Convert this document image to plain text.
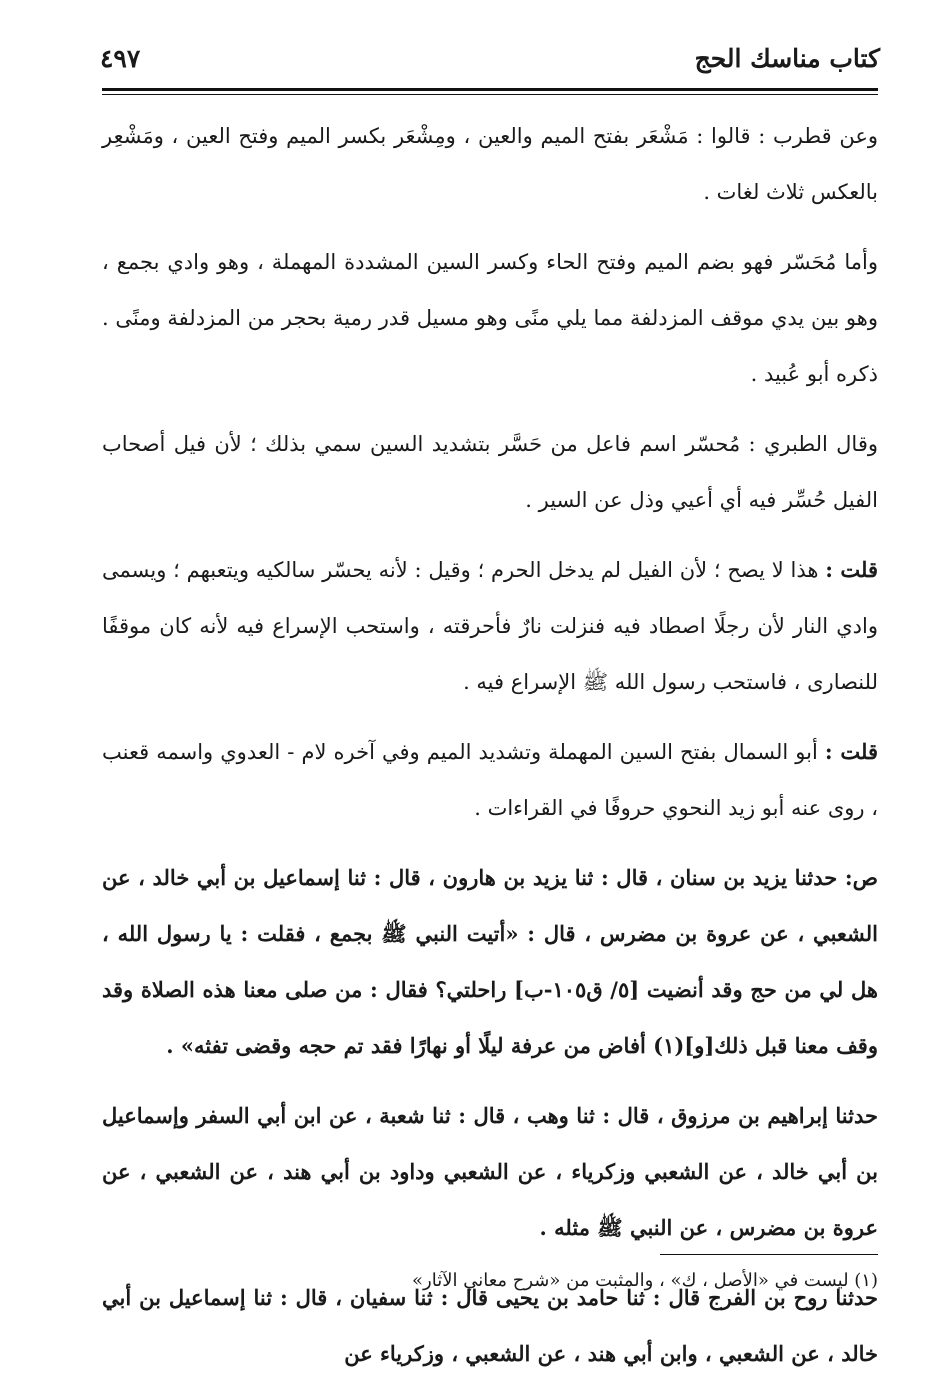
كتاب مناسك الحج
٤٩٧

وعن قطرب : قالوا : مَشْعَر بفتح الميم والعين ، ومِشْعَر بكسر الميم وفتح العين ، ومَشْعِر بالعكس ثلاث لغات .

وأما مُحَسّر فهو بضم الميم وفتح الحاء وكسر السين المشددة المهملة ، وهو وادي بجمع ، وهو بين يدي موقف المزدلفة مما يلي منًى وهو مسيل قدر رمية بحجر من المزدلفة ومنًى . ذكره أبو عُبيد .

وقال الطبري : مُحسّر اسم فاعل من حَسَّر بتشديد السين سمي بذلك ؛ لأن فيل أصحاب الفيل حُسِّر فيه أي أعيي وذل عن السير .

قلت : هذا لا يصح ؛ لأن الفيل لم يدخل الحرم ؛ وقيل : لأنه يحسّر سالكيه ويتعبهم ؛ ويسمى وادي النار لأن رجلًا اصطاد فيه فنزلت نارٌ فأحرقته ، واستحب الإسراع فيه لأنه كان موقفًا للنصارى ، فاستحب رسول الله ﷺ الإسراع فيه .

قلت : أبو السمال بفتح السين المهملة وتشديد الميم وفي آخره لام - العدوي واسمه قعنب ، روى عنه أبو زيد النحوي حروفًا في القراءات .

ص: حدثنا يزيد بن سنان ، قال : ثنا يزيد بن هارون ، قال : ثنا إسماعيل بن أبي خالد ، عن الشعبي ، عن عروة بن مضرس ، قال : «أتيت النبي ﷺ بجمع ، فقلت : يا رسول الله ، هل لي من حج وقد أنضيت [٥/ ق١٠٥-ب] راحلتي؟ فقال : من صلى معنا هذه الصلاة وقد وقف معنا قبل ذلك[و](١) أفاض من عرفة ليلًا أو نهارًا فقد تم حجه وقضى تفثه» .

حدثنا إبراهيم بن مرزوق ، قال : ثنا وهب ، قال : ثنا شعبة ، عن ابن أبي السفر وإسماعيل بن أبي خالد ، عن الشعبي وزكرياء ، عن الشعبي وداود بن أبي هند ، عن الشعبي ، عن عروة بن مضرس ، عن النبي ﷺ مثله .

حدثنا روح بن الفرج قال : ثنا حامد بن يحيى قال : ثنا سفيان ، قال : ثنا إسماعيل بن أبي خالد ، عن الشعبي ، وابن أبي هند ، عن الشعبي ، وزكرياء عن

(١) ليست في «الأصل ، ك» ، والمثبت من «شرح معاني الآثار»
